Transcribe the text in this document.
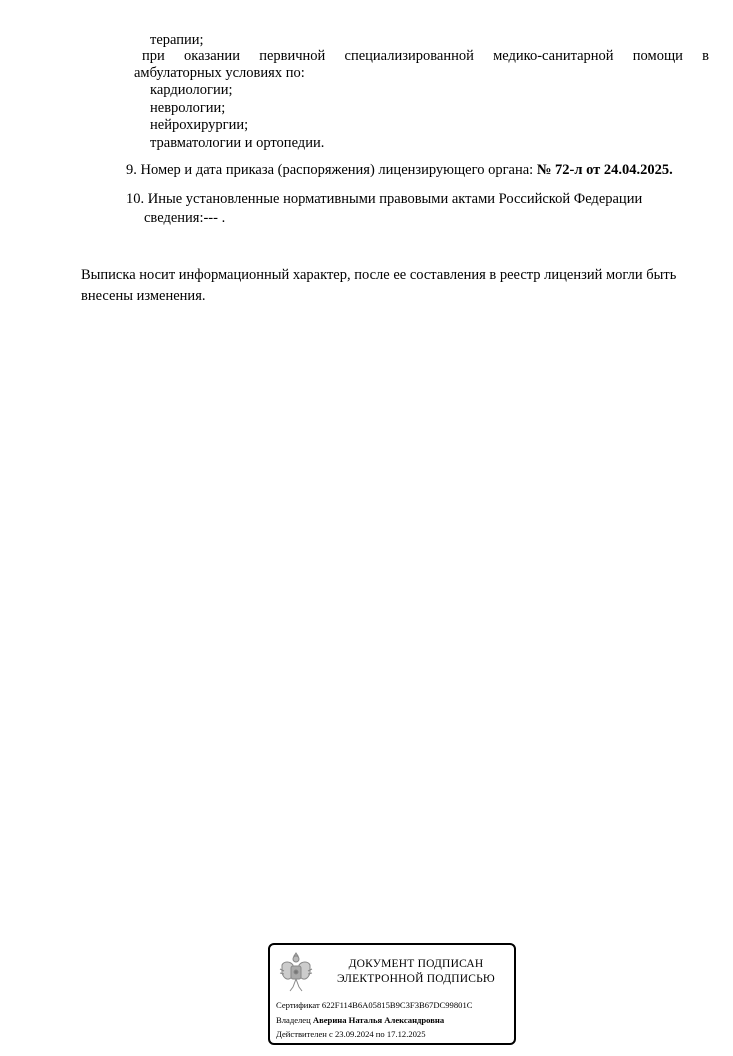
терапии;
при оказании первичной специализированной медико-санитарной помощи в
амбулаторных условиях по:
кардиологии;
неврологии;
нейрохирургии;
травматологии и ортопедии.
9. Номер и дата приказа (распоряжения) лицензирующего органа: № 72-л от 24.04.2025.
10. Иные установленные нормативными правовыми актами Российской Федерации
сведения:--- .
Выписка носит информационный характер, после ее составления в реестр лицензий могли быть
внесены изменения.
ДОКУМЕНТ ПОДПИСАН
ЭЛЕКТРОННОЙ ПОДПИСЬЮ
Сертификат 622F114B6A05815B9C3F3B67DC99801C
Владелец Аверина Наталья Александровна
Действителен с 23.09.2024 по 17.12.2025
